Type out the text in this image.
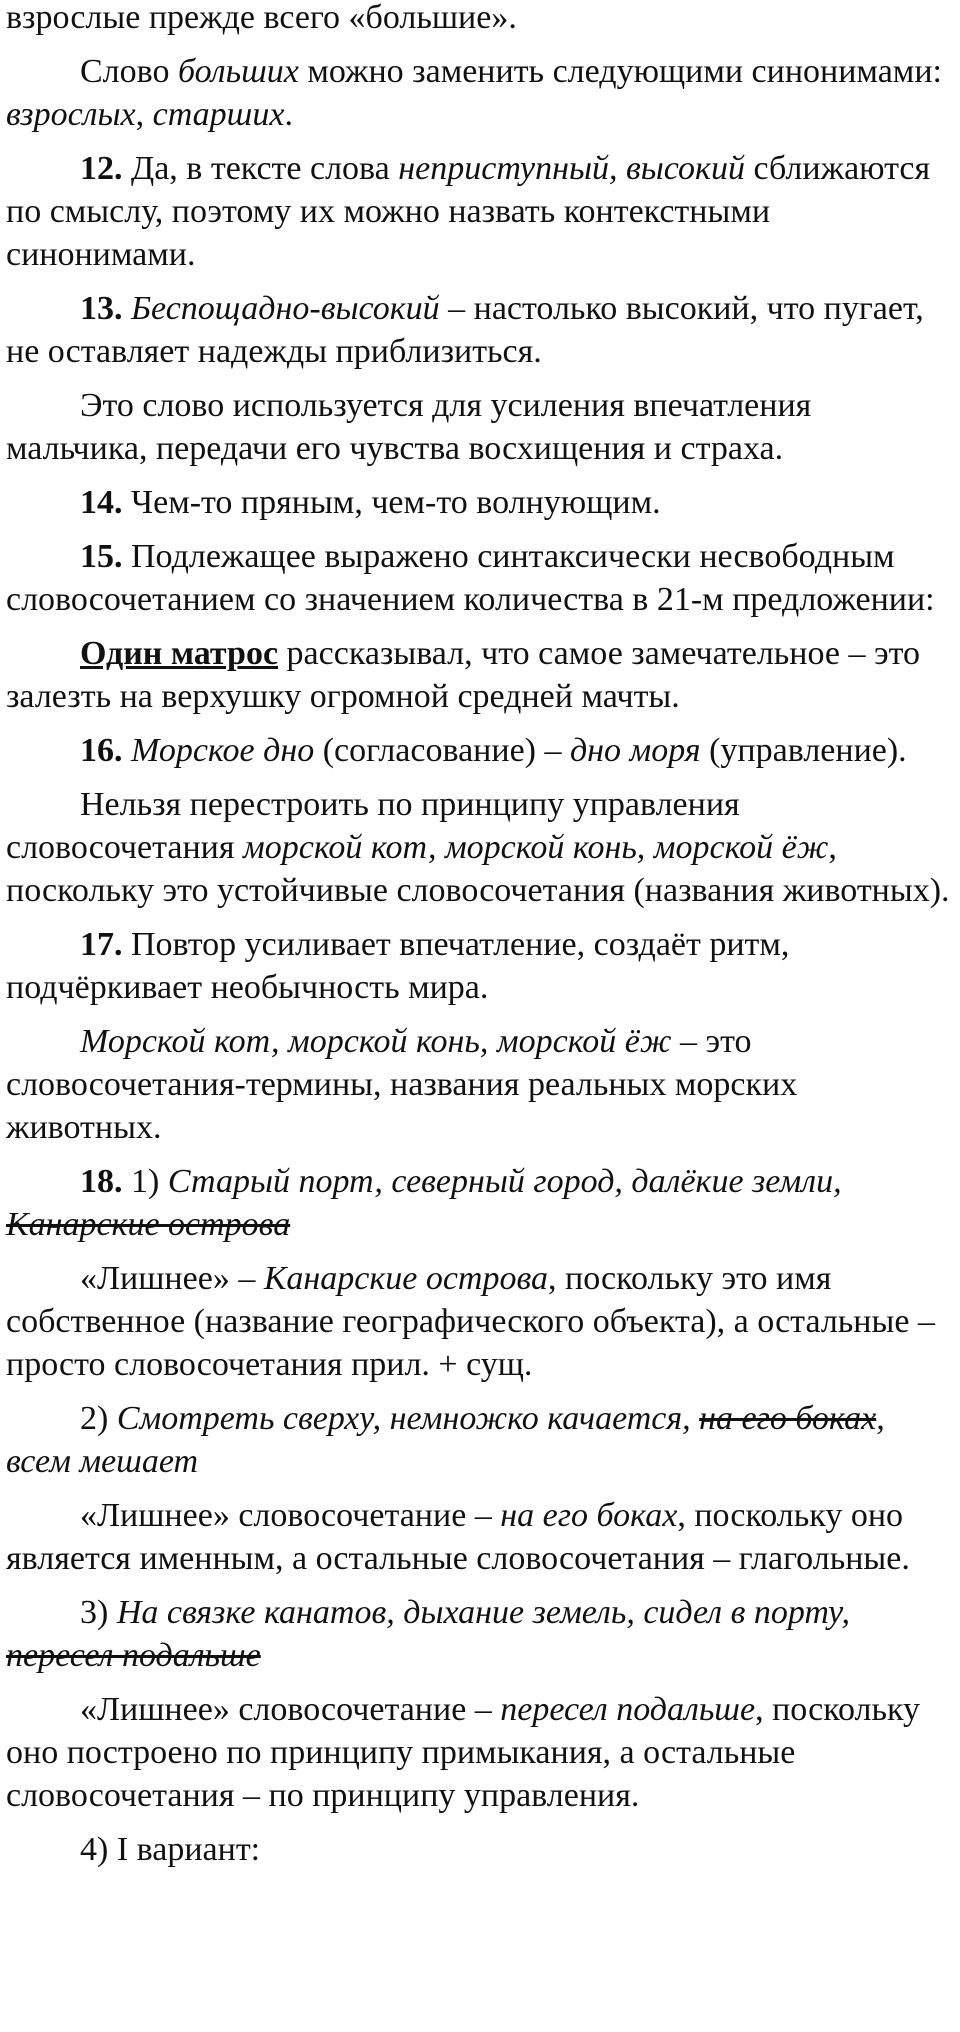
взрослые прежде всего «большие».

Слово больших можно заменить следующими синонимами: взрослых, старших.

12. Да, в тексте слова неприступный, высокий сближаются по смыслу, поэтому их можно назвать контекстными синонимами.

13. Беспощадно-высокий – настолько высокий, что пугает, не оставляет надежды приблизиться.

Это слово используется для усиления впечатления мальчика, передачи его чувства восхищения и страха.

14. Чем-то пряным, чем-то волнующим.

15. Подлежащее выражено синтаксически несвободным словосочетанием со значением количества в 21-м предложении:

Один матрос рассказывал, что самое замечательное – это залезть на верхушку огромной средней мачты.

16. Морское дно (согласование) – дно моря (управление).

Нельзя перестроить по принципу управления словосочетания морской кот, морской конь, морской ёж, поскольку это устойчивые словосочетания (названия животных).

17. Повтор усиливает впечатление, создаёт ритм, подчёркивает необычность мира.

Морской кот, морской конь, морской ёж – это словосочетания-термины, названия реальных морских животных.

18. 1) Старый порт, северный город, далёкие земли, Канарские острова

«Лишнее» – Канарские острова, поскольку это имя собственное (название географического объекта), а остальные – просто словосочетания прил. + сущ.

2) Смотреть сверху, немножко качается, на его боках, всем мешает

«Лишнее» словосочетание – на его боках, поскольку оно является именным, а остальные словосочетания – глагольные.

3) На связке канатов, дыхание земель, сидел в порту, пересел подальше

«Лишнее» словосочетание – пересел подальше, поскольку оно построено по принципу примыкания, а остальные словосочетания – по принципу управления.

4) I вариант:
